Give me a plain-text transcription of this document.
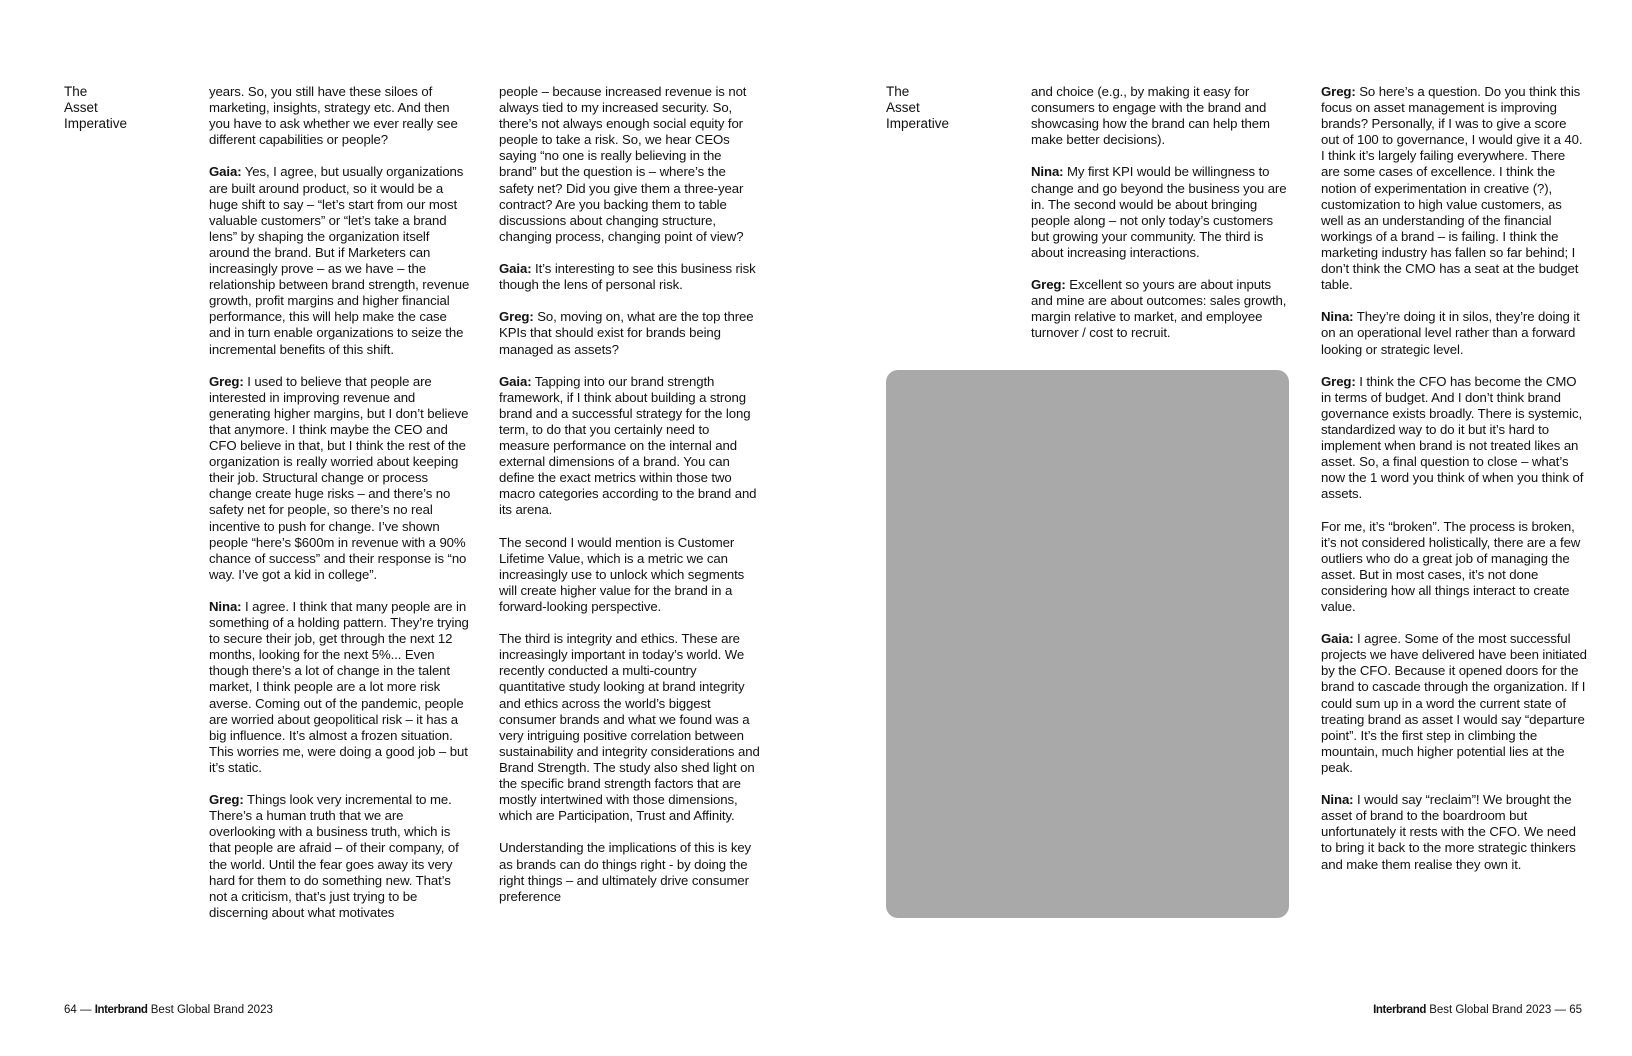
The
Asset
Imperative

years. So, you still have these siloes of marketing, insights, strategy etc. And then you have to ask whether we ever really see different capabilities or people?

Gaia: Yes, I agree, but usually organizations are built around product, so it would be a huge shift to say – “let’s start from our most valuable customers” or “let’s take a brand lens” by shaping the organization itself around the brand. But if Marketers can increasingly prove – as we have – the relationship between brand strength, revenue growth, profit margins and higher financial performance, this will help make the case and in turn enable organizations to seize the incremental benefits of this shift.

Greg: I used to believe that people are interested in improving revenue and generating higher margins, but I don’t believe that anymore. I think maybe the CEO and CFO believe in that, but I think the rest of the organization is really worried about keeping their job. Structural change or process change create huge risks – and there’s no safety net for people, so there’s no real incentive to push for change. I’ve shown people “here’s $600m in revenue with a 90% chance of success” and their response is “no way. I’ve got a kid in college”.

Nina: I agree. I think that many people are in something of a holding pattern. They’re trying to secure their job, get through the next 12 months, looking for the next 5%... Even though there’s a lot of change in the talent market, I think people are a lot more risk averse. Coming out of the pandemic, people are worried about geopolitical risk – it has a big influence. It’s almost a frozen situation. This worries me, were doing a good job – but it’s static.

Greg: Things look very incremental to me. There’s a human truth that we are overlooking with a business truth, which is that people are afraid – of their company, of the world. Until the fear goes away its very hard for them to do something new. That’s not a criticism, that’s just trying to be discerning about what motivates

people – because increased revenue is not always tied to my increased security. So, there’s not always enough social equity for people to take a risk. So, we hear CEOs saying “no one is really believing in the brand” but the question is – where’s the safety net? Did you give them a three-year contract? Are you backing them to table discussions about changing structure, changing process, changing point of view?

Gaia: It’s interesting to see this business risk though the lens of personal risk.

Greg: So, moving on, what are the top three KPIs that should exist for brands being managed as assets?

Gaia: Tapping into our brand strength framework, if I think about building a strong brand and a successful strategy for the long term, to do that you certainly need to measure performance on the internal and external dimensions of a brand. You can define the exact metrics within those two macro categories according to the brand and its arena.

The second I would mention is Customer Lifetime Value, which is a metric we can increasingly use to unlock which segments will create higher value for the brand in a forward-looking perspective.

The third is integrity and ethics. These are increasingly important in today’s world. We recently conducted a multi-country quantitative study looking at brand integrity and ethics across the world’s biggest consumer brands and what we found was a very intriguing positive correlation between sustainability and integrity considerations and Brand Strength. The study also shed light on the specific brand strength factors that are mostly intertwined with those dimensions, which are Participation, Trust and Affinity.

Understanding the implications of this is key as brands can do things right - by doing the right things – and ultimately drive consumer preference

64 — Interbrand Best Global Brand 2023
The
Asset
Imperative

and choice (e.g., by making it easy for consumers to engage with the brand and showcasing how the brand can help them make better decisions).

Nina: My first KPI would be willingness to change and go beyond the business you are in. The second would be about bringing people along – not only today’s customers but growing your community. The third is about increasing interactions.

Greg: Excellent so yours are about inputs and mine are about outcomes: sales growth, margin relative to market, and employee turnover / cost to recruit.

Greg: So here’s a question. Do you think this focus on asset management is improving brands? Personally, if I was to give a score out of 100 to governance, I would give it a 40. I think it’s largely failing everywhere. There are some cases of excellence. I think the notion of experimentation in creative (?), customization to high value customers, as well as an understanding of the financial workings of a brand – is failing. I think the marketing industry has fallen so far behind; I don’t think the CMO has a seat at the budget table.

Nina: They’re doing it in silos, they’re doing it on an operational level rather than a forward looking or strategic level.

Greg: I think the CFO has become the CMO in terms of budget. And I don’t think brand governance exists broadly. There is systemic, standardized way to do it but it’s hard to implement when brand is not treated likes an asset. So, a final question to close – what’s now the 1 word you think of when you think of assets.

For me, it’s “broken”. The process is broken, it’s not considered holistically, there are a few outliers who do a great job of managing the asset. But in most cases, it’s not done considering how all things interact to create value.

Gaia: I agree. Some of the most successful projects we have delivered have been initiated by the CFO. Because it opened doors for the brand to cascade through the organization. If I could sum up in a word the current state of treating brand as asset I would say “departure point”. It’s the first step in climbing the mountain, much higher potential lies at the peak.

Nina: I would say “reclaim”! We brought the asset of brand to the boardroom but unfortunately it rests with the CFO. We need to bring it back to the more strategic thinkers and make them realise they own it.

Interbrand Best Global Brand 2023 — 65
